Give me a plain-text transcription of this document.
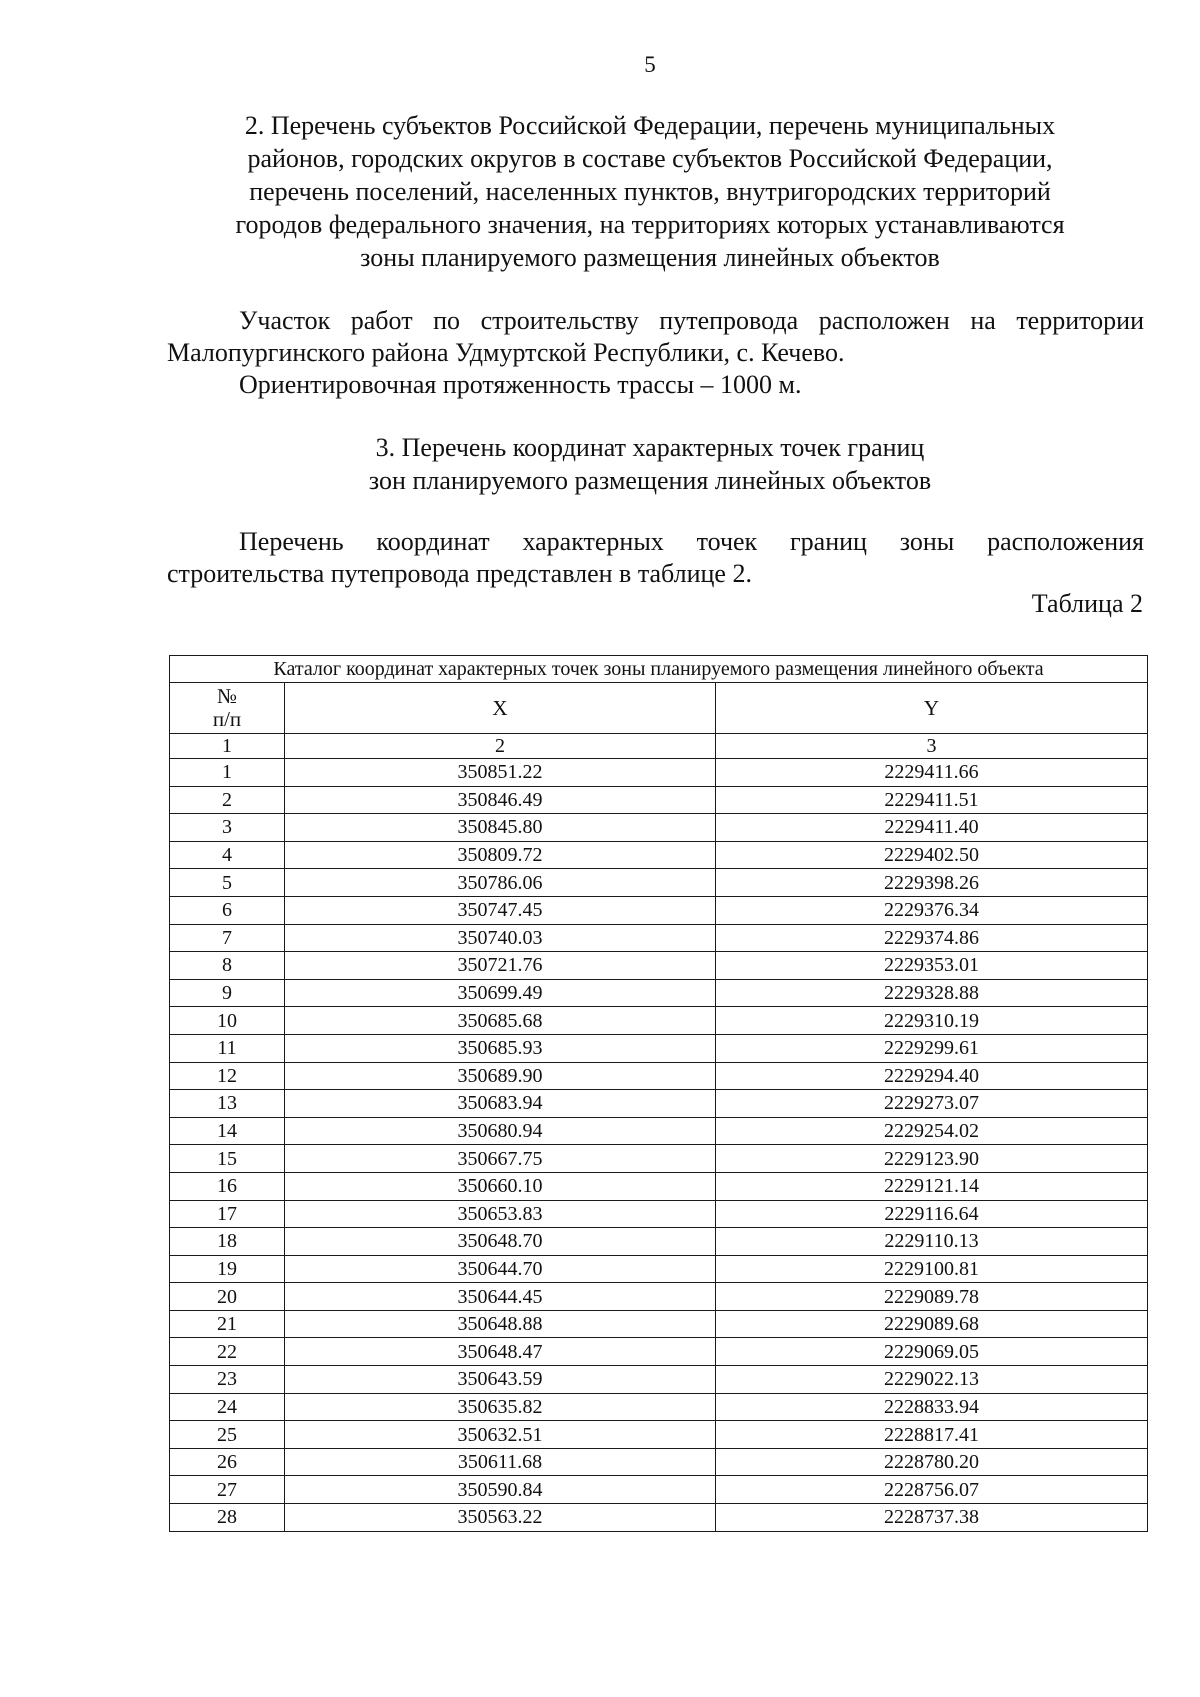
5
2. Перечень субъектов Российской Федерации, перечень муниципальных
районов, городских округов в составе субъектов Российской Федерации,
перечень поселений, населенных пунктов, внутригородских территорий
городов федерального значения, на территориях которых устанавливаются
зоны планируемого размещения линейных объектов
Участок работ по строительству путепровода расположен на территории
Малопургинского района Удмуртской Республики, с. Кечево.
Ориентировочная протяженность трассы – 1000 м.
3. Перечень координат характерных точек границ
зон планируемого размещения линейных объектов
Перечень координат характерных точек границ зоны расположения
строительства путепровода представлен в таблице 2.
Таблица 2
Каталог координат характерных точек зоны планируемого размещения линейного объекта		
№
п/п	X	Y
1	2	3
1	350851.22	2229411.66
2	350846.49	2229411.51
3	350845.80	2229411.40
4	350809.72	2229402.50
5	350786.06	2229398.26
6	350747.45	2229376.34
7	350740.03	2229374.86
8	350721.76	2229353.01
9	350699.49	2229328.88
10	350685.68	2229310.19
11	350685.93	2229299.61
12	350689.90	2229294.40
13	350683.94	2229273.07
14	350680.94	2229254.02
15	350667.75	2229123.90
16	350660.10	2229121.14
17	350653.83	2229116.64
18	350648.70	2229110.13
19	350644.70	2229100.81
20	350644.45	2229089.78
21	350648.88	2229089.68
22	350648.47	2229069.05
23	350643.59	2229022.13
24	350635.82	2228833.94
25	350632.51	2228817.41
26	350611.68	2228780.20
27	350590.84	2228756.07
28	350563.22	2228737.38
